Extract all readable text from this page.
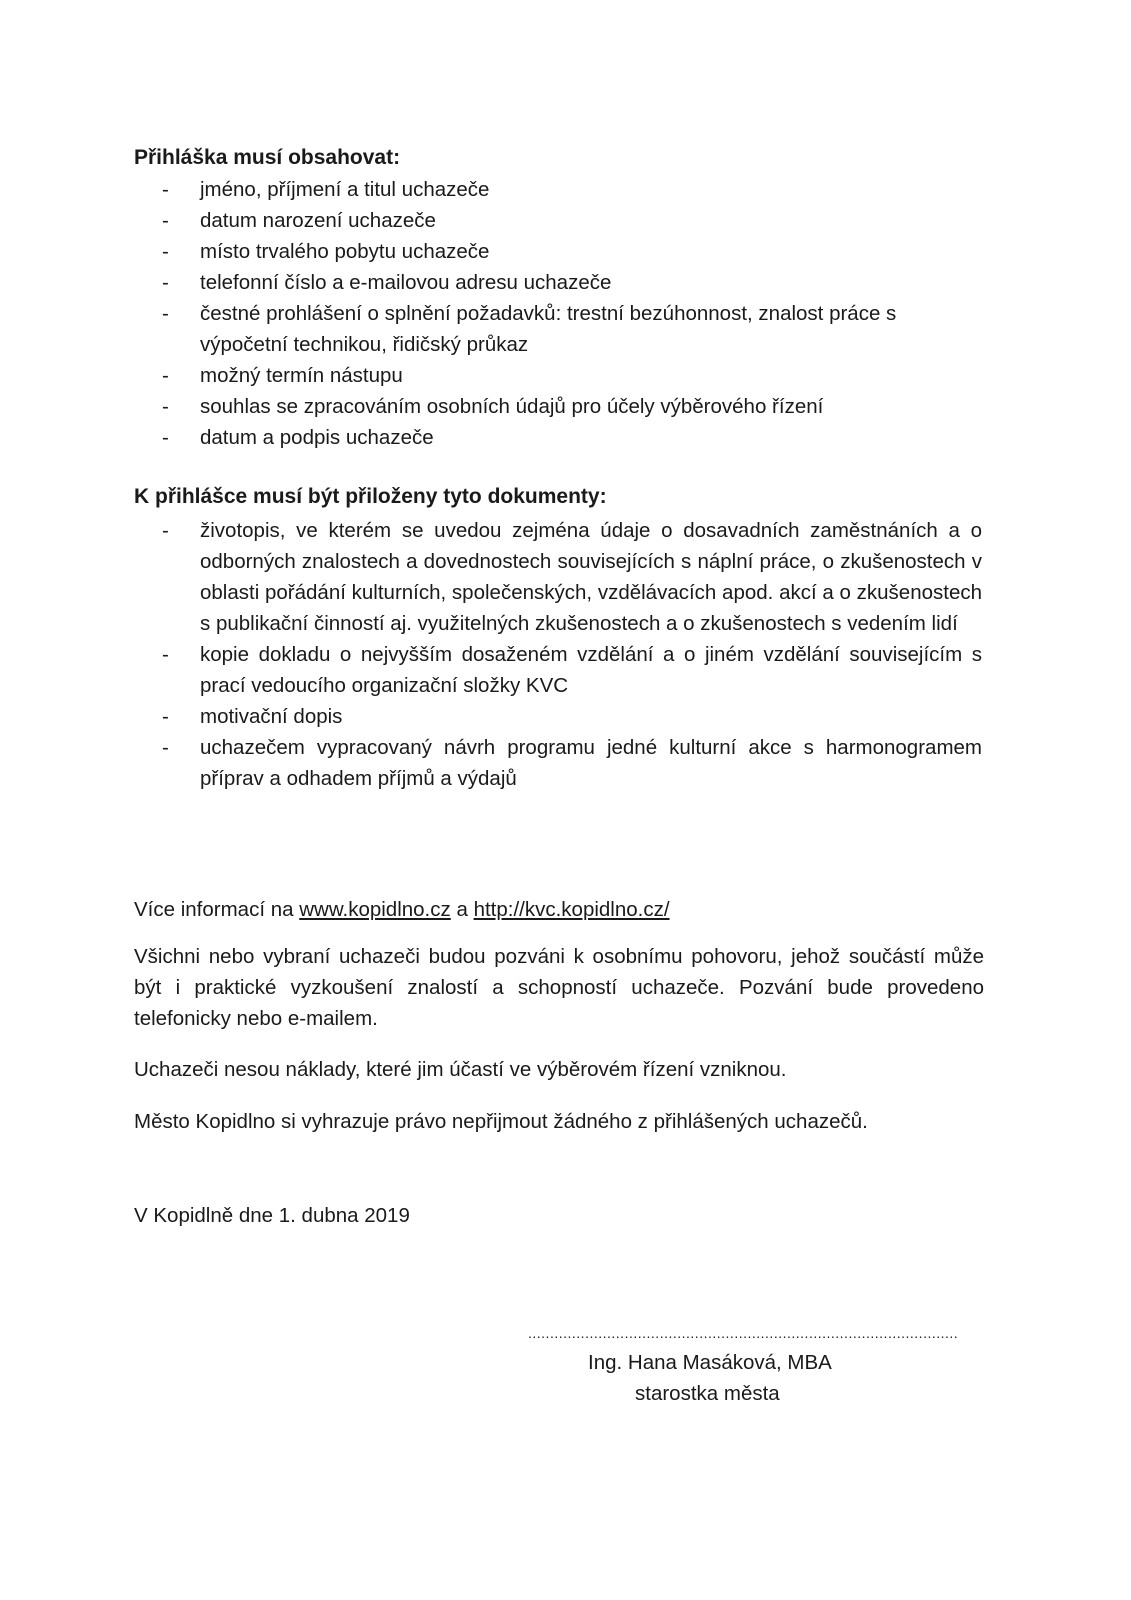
Přihláška musí obsahovat:

- jméno, příjmení a titul uchazeče
- datum narození uchazeče
- místo trvalého pobytu uchazeče
- telefonní číslo a e-mailovou adresu uchazeče
- čestné prohlášení o splnění požadavků: trestní bezúhonnost, znalost práce s výpočetní technikou, řidičský průkaz
- možný termín nástupu
- souhlas se zpracováním osobních údajů pro účely výběrového řízení
- datum a podpis uchazeče

K přihlášce musí být přiloženy tyto dokumenty:

- životopis, ve kterém se uvedou zejména údaje o dosavadních zaměstnáních a o odborných znalostech a dovednostech souvisejících s náplní práce, o zkušenostech v oblasti pořádání kulturních, společenských, vzdělávacích apod. akcí a o zkušenostech s publikační činností aj. využitelných zkušenostech a o zkušenostech s vedením lidí
- kopie dokladu o nejvyšším dosaženém vzdělání a o jiném vzdělání souvisejícím s prací vedoucího organizační složky KVC
- motivační dopis
- uchazečem vypracovaný návrh programu jedné kulturní akce s harmonogramem příprav a odhadem příjmů a výdajů

Více informací na www.kopidlno.cz a http://kvc.kopidlno.cz/

Všichni nebo vybraní uchazeči budou pozváni k osobnímu pohovoru, jehož součástí může být i praktické vyzkoušení znalostí a schopností uchazeče. Pozvání bude provedeno telefonicky nebo e-mailem.

Uchazeči nesou náklady, které jim účastí ve výběrovém řízení vzniknou.

Město Kopidlno si vyhrazuje právo nepřijmout žádného z přihlášených uchazečů.

V Kopidlně dne 1. dubna 2019

..................................................................................................
Ing. Hana Masáková, MBA
starostka města
